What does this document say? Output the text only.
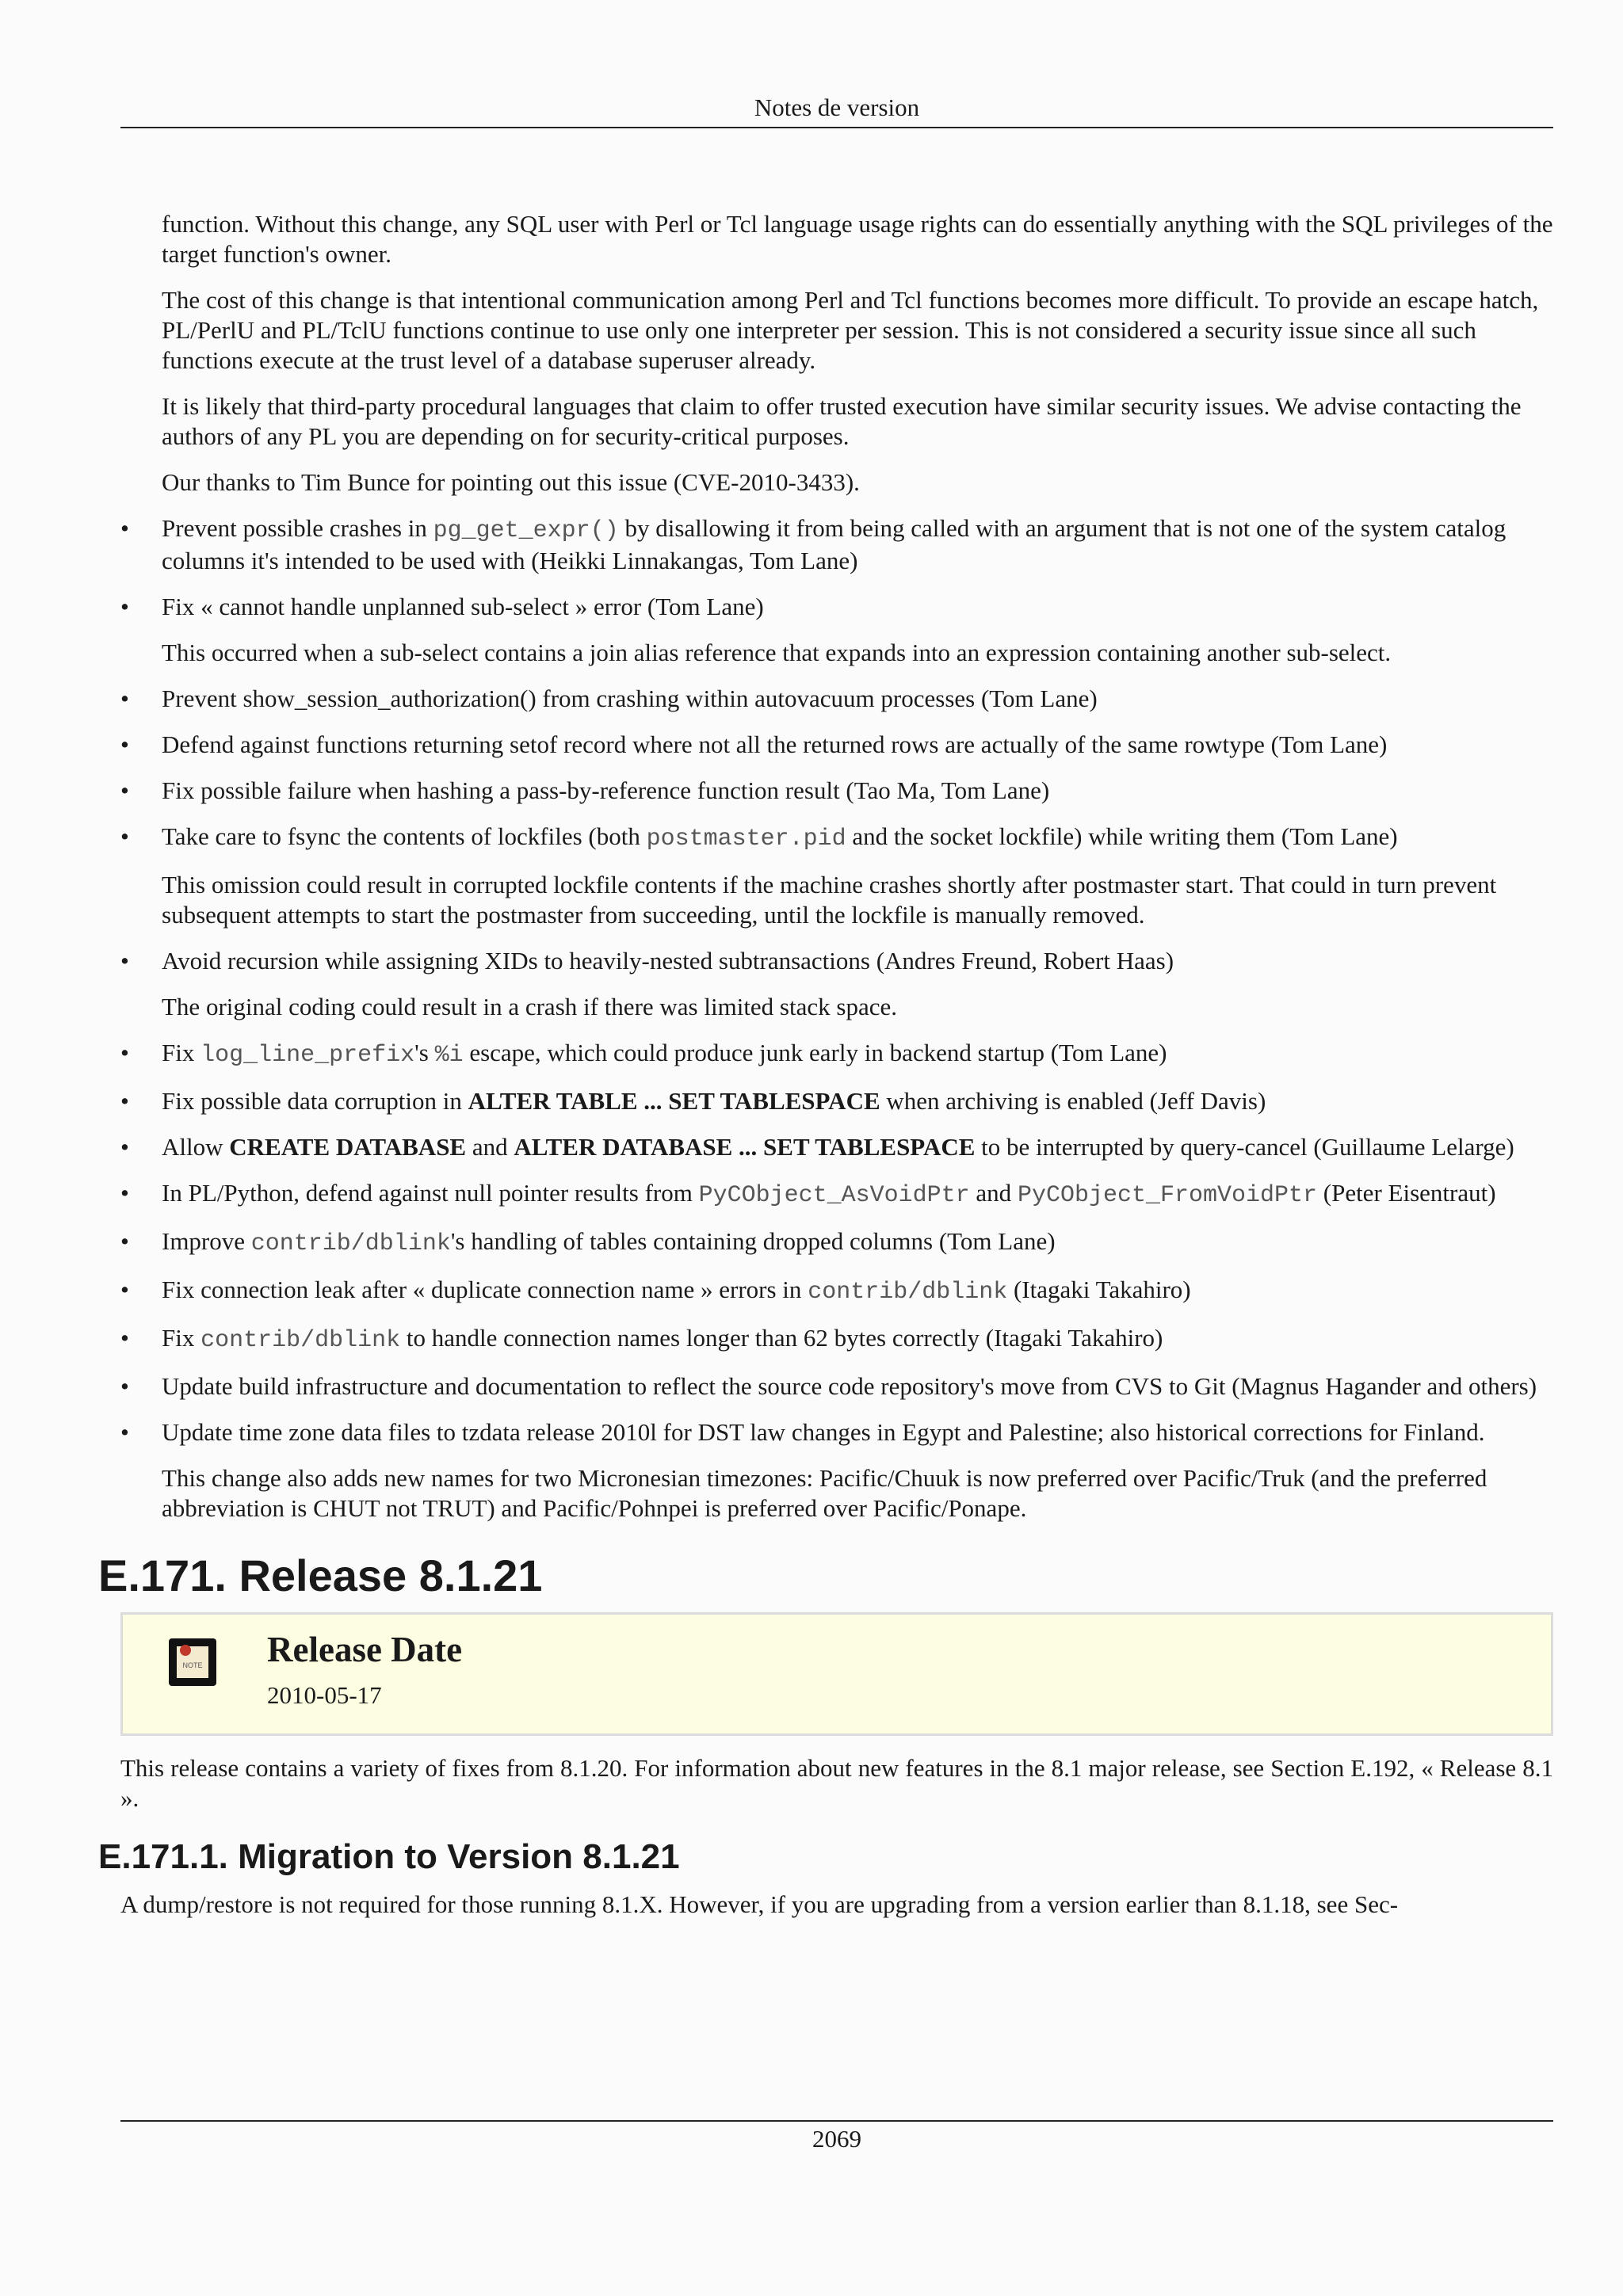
Notes de version

function. Without this change, any SQL user with Perl or Tcl language usage rights can do essentially anything with the SQL privileges of the target function's owner.

The cost of this change is that intentional communication among Perl and Tcl functions becomes more difficult. To provide an escape hatch, PL/PerlU and PL/TclU functions continue to use only one interpreter per session. This is not considered a security issue since all such functions execute at the trust level of a database superuser already.

It is likely that third-party procedural languages that claim to offer trusted execution have similar security issues. We advise contacting the authors of any PL you are depending on for security-critical purposes.

Our thanks to Tim Bunce for pointing out this issue (CVE-2010-3433).

• Prevent possible crashes in pg_get_expr() by disallowing it from being called with an argument that is not one of the system catalog columns it's intended to be used with (Heikki Linnakangas, Tom Lane)
• Fix « cannot handle unplanned sub-select » error (Tom Lane)

This occurred when a sub-select contains a join alias reference that expands into an expression containing another sub-select.

• Prevent show_session_authorization() from crashing within autovacuum processes (Tom Lane)
• Defend against functions returning setof record where not all the returned rows are actually of the same rowtype (Tom Lane)
• Fix possible failure when hashing a pass-by-reference function result (Tao Ma, Tom Lane)
• Take care to fsync the contents of lockfiles (both postmaster.pid and the socket lockfile) while writing them (Tom Lane)

This omission could result in corrupted lockfile contents if the machine crashes shortly after postmaster start. That could in turn prevent subsequent attempts to start the postmaster from succeeding, until the lockfile is manually removed.

• Avoid recursion while assigning XIDs to heavily-nested subtransactions (Andres Freund, Robert Haas)

The original coding could result in a crash if there was limited stack space.

• Fix log_line_prefix's %i escape, which could produce junk early in backend startup (Tom Lane)
• Fix possible data corruption in ALTER TABLE ... SET TABLESPACE when archiving is enabled (Jeff Davis)
• Allow CREATE DATABASE and ALTER DATABASE ... SET TABLESPACE to be interrupted by query-cancel (Guillaume Lelarge)
• In PL/Python, defend against null pointer results from PyCObject_AsVoidPtr and PyCObject_FromVoidPtr (Peter Eisentraut)
• Improve contrib/dblink's handling of tables containing dropped columns (Tom Lane)
• Fix connection leak after « duplicate connection name » errors in contrib/dblink (Itagaki Takahiro)
• Fix contrib/dblink to handle connection names longer than 62 bytes correctly (Itagaki Takahiro)
• Update build infrastructure and documentation to reflect the source code repository's move from CVS to Git (Magnus Hagander and others)
• Update time zone data files to tzdata release 2010l for DST law changes in Egypt and Palestine; also historical corrections for Finland.

This change also adds new names for two Micronesian timezones: Pacific/Chuuk is now preferred over Pacific/Truk (and the preferred abbreviation is CHUT not TRUT) and Pacific/Pohnpei is preferred over Pacific/Ponape.

E.171. Release 8.1.21
NOTE Release Date
2010-05-17

This release contains a variety of fixes from 8.1.20. For information about new features in the 8.1 major release, see Section E.192, « Release 8.1 ».

E.171.1. Migration to Version 8.1.21

A dump/restore is not required for those running 8.1.X. However, if you are upgrading from a version earlier than 8.1.18, see Sec-

2069
